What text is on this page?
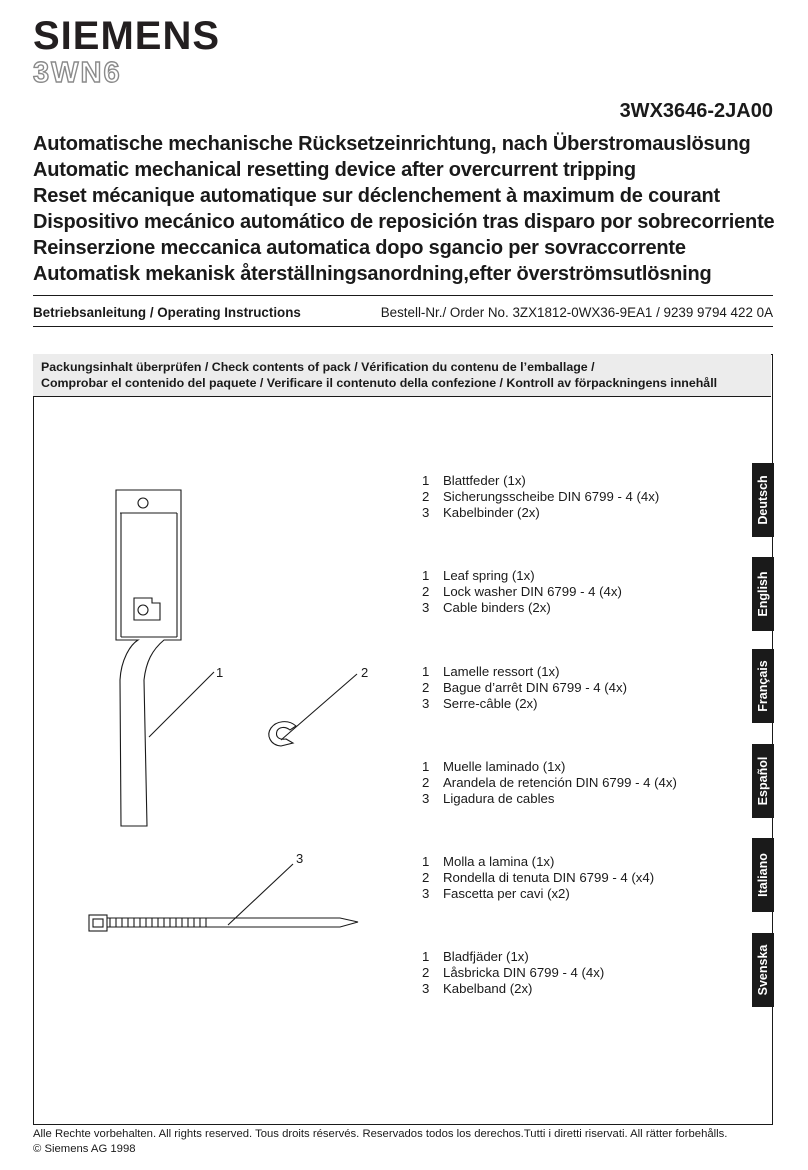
SIEMENS
3WN6
3WX3646-2JA00
Automatische mechanische Rücksetzeinrichtung, nach Überstromauslösung
Automatic mechanical resetting device after overcurrent tripping
Reset mécanique automatique sur déclenchement à maximum de courant
Dispositivo mecánico automático de reposición tras disparo por sobrecorriente
Reinserzione meccanica automatica dopo sgancio per sovraccorrente
Automatisk mekanisk återställningsanordning,efter överströmsutlösning
Betriebsanleitung / Operating Instructions	Bestell-Nr./ Order No. 3ZX1812-0WX36-9EA1 / 9239 9794 422 0A
Packungsinhalt überprüfen / Check contents of pack / Vérification du contenu de l’emballage /
Comprobar el contenido del paquete / Verificare il contenuto della confezione / Kontroll av förpackningens innehåll
1	2
3
1 Blattfeder (1x)
2 Sicherungsscheibe DIN 6799 - 4 (4x)
3 Kabelbinder (2x)
1 Leaf spring (1x)
2 Lock washer DIN 6799 - 4 (4x)
3 Cable binders (2x)
1 Lamelle ressort (1x)
2 Bague d’arrêt DIN 6799 - 4 (4x)
3 Serre-câble (2x)
1 Muelle laminado (1x)
2 Arandela de retención DIN 6799 - 4 (4x)
3 Ligadura de cables
1 Molla a lamina (1x)
2 Rondella di tenuta DIN 6799 - 4 (x4)
3 Fascetta per cavi (x2)
1 Bladfjäder (1x)
2 Låsbricka DIN 6799 - 4 (4x)
3 Kabelband (2x)
Deutsch
English
Français
Español
Italiano
Svenska
Alle Rechte vorbehalten. All rights reserved. Tous droits réservés. Reservados todos los derechos.Tutti i diretti riservati. All rätter forbehålls.
© Siemens AG 1998
